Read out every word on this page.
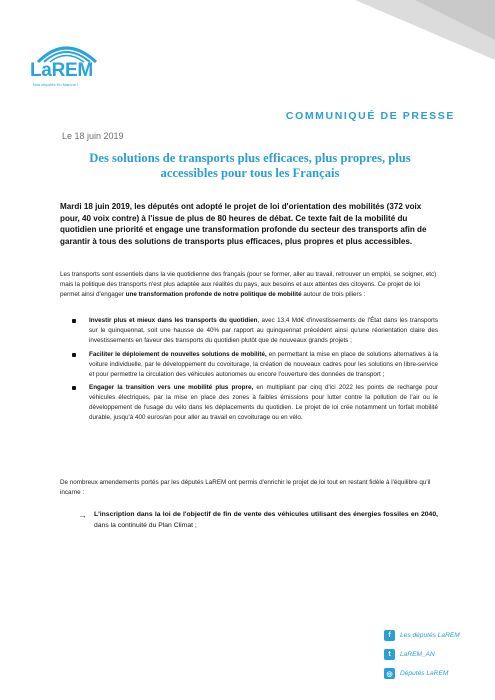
LaREM
Nos députés En Marche !
COMMUNIQUÉ DE PRESSE
Le 18 juin 2019
Des solutions de transports plus efficaces, plus propres, plus accessibles pour tous les Français
Mardi 18 juin 2019, les députés ont adopté le projet de loi d'orientation des mobilités (372 voix pour, 40 voix contre) à l'issue de plus de 80 heures de débat. Ce texte fait de la mobilité du quotidien une priorité et engage une transformation profonde du secteur des transports afin de garantir à tous des solutions de transports plus efficaces, plus propres et plus accessibles.

Les transports sont essentiels dans la vie quotidienne des français (pour se former, aller au travail, retrouver un emploi, se soigner, etc) mais la politique des transports n'est plus adaptée aux réalités du pays, aux besoins et aux attentes des citoyens. Ce projet de loi permet ainsi d'engager une transformation profonde de notre politique de mobilité autour de trois piliers :

Investir plus et mieux dans les transports du quotidien, avec 13,4 Md€ d'investissements de l'État dans les transports sur le quinquennat, soit une hausse de 40% par rapport au quinquennat précédent ainsi qu'une réorientation claire des investissements en faveur des transports du quotidien plutôt que de nouveaux grands projets ;
Faciliter le déploiement de nouvelles solutions de mobilité, en permettant la mise en place de solutions alternatives à la voiture individuelle, par le développement du covoiturage, la création de nouveaux cadres pour les solutions en libre-service et pour permettre la circulation des véhicules autonomes ou encore l'ouverture des données de transport ;
Engager la transition vers une mobilité plus propre, en multipliant par cinq d'ici 2022 les points de recharge pour véhicules électriques, par la mise en place des zones à faibles émissions pour lutter contre la pollution de l'air ou le développement de l'usage du vélo dans les déplacements du quotidien. Le projet de loi crée notamment un forfait mobilité durable, jusqu'à 400 euros/an pour aller au travail en covoiturage ou en vélo.

De nombreux amendements portés par les députés LaREM ont permis d'enrichir le projet de loi tout en restant fidèle à l'équilibre qu'il incarne :

→ L'inscription dans la loi de l'objectif de fin de vente des véhicules utilisant des énergies fossiles en 2040, dans la continuité du Plan Climat ;
f	Les députés LaREM
t	LaREM_AN
◎	Députés LaREM
